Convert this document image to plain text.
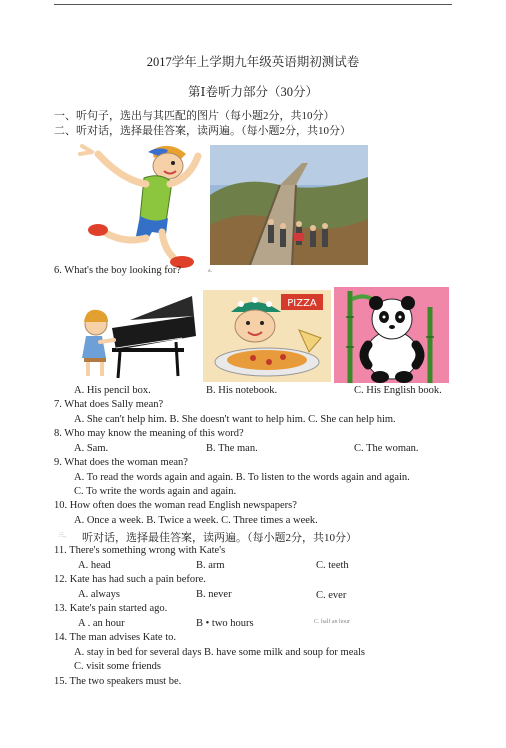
2017学年上学期九年级英语期初测试卷
第Ⅰ卷听力部分（30分）
一、听句子，选出与其匹配的图片（每小题2分，共10分）
二、听对话，选择最佳答案，读两遍。（每小题2分，共10分）
6. What's the boy looking for?	a.
PIZZA
A. His pencil box.	B. His notebook.	C. His English book.
7. What does Sally mean?
A. She can't help him. B. She doesn't want to help him. C. She can help him.
8. Who may know the meaning of this word?
A. Sam.	B. The man.	C. The woman.
9. What does the woman mean?
A. To read the words again and again. B. To listen to the words again and again.
C. To write the words again and again.
10. How often does the woman read English newspapers?
A. Once a week. B. Twice a week. C. Three times a week.
三、 听对话，选择最佳答案，读两遍。（每小题2分，共10分）
11. There's something wrong with Kate's
A. head	B. arm	C. teeth
12. Kate has had such a pain before.
A. always	B. never	C. ever
13. Kate's pain started ago.
A . an hour	B • two hours	C. half an hour
14. The man advises Kate to.
A. stay in bed for several days B. have some milk and soup for meals
C. visit some friends
15. The two speakers must be.
